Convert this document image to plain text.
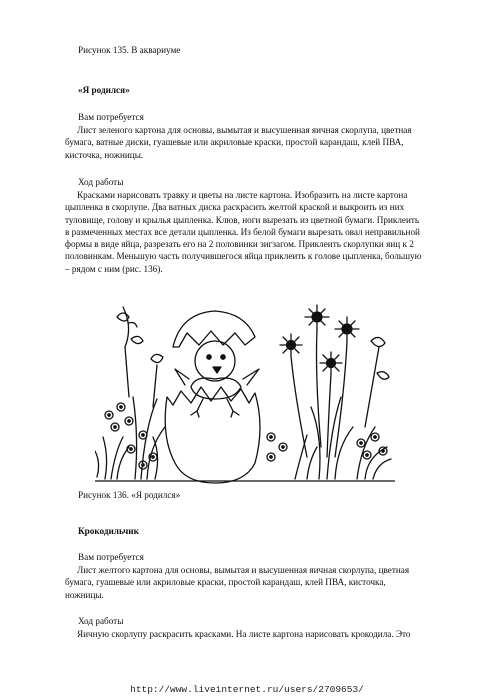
Рисунок 135. В аквариуме
«Я родился»
Вам потребуется
Лист зеленого картона для основы, вымытая и высушенная яичная скорлупа, цветная
бумага, ватные диски, гуашевые или акриловые краски, простой карандаш, клей ПВА,
кисточка, ножницы.
Ход работы
Красками нарисовать травку и цветы на листе картона. Изобразить на листе картона
цыпленка в скорлупе. Два ватных диска раскрасить желтой краской и выкроить из них
туловище, голову и крылья цыпленка. Клюв, ноги вырезать из цветной бумаги. Приклеить
в размеченных местах все детали цыпленка. Из белой бумаги вырезать овал неправильной
формы в виде яйца, разрезать его на 2 половинки зигзагом. Приклеить скорлупки яиц к 2
половинкам. Меньшую часть получившегося яйца приклеить к голове цыпленка, большую
– рядом с ним (рис. 136).
Рисунок 136. «Я родился»
Крокодильчик
Вам потребуется
Лист желтого картона для основы, вымытая и высушенная яичная скорлупа, цветная
бумага, гуашевые или акриловые краски, простой карандаш, клей ПВА, кисточка,
ножницы.
Ход работы
Яичную скорлупу раскрасить красками. На листе картона нарисовать крокодила. Это
http://www.liveinternet.ru/users/2709653/
